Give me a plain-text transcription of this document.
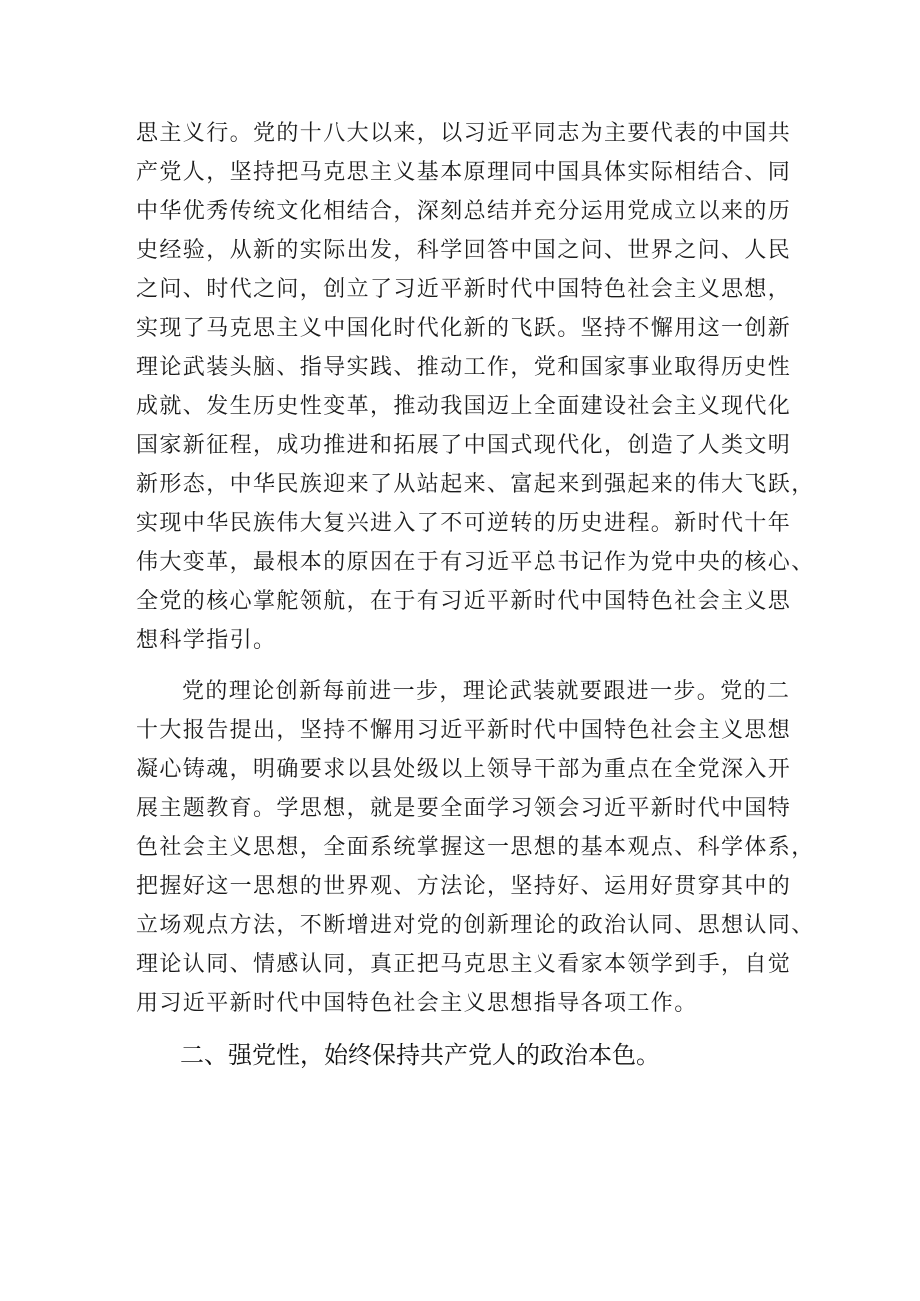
思主义行。党的十八大以来，以习近平同志为主要代表的中国共
产党人，坚持把马克思主义基本原理同中国具体实际相结合、同
中华优秀传统文化相结合，深刻总结并充分运用党成立以来的历
史经验，从新的实际出发，科学回答中国之问、世界之问、人民
之问、时代之问，创立了习近平新时代中国特色社会主义思想，
实现了马克思主义中国化时代化新的飞跃。坚持不懈用这一创新
理论武装头脑、指导实践、推动工作，党和国家事业取得历史性
成就、发生历史性变革，推动我国迈上全面建设社会主义现代化
国家新征程，成功推进和拓展了中国式现代化，创造了人类文明
新形态，中华民族迎来了从站起来、富起来到强起来的伟大飞跃，
实现中华民族伟大复兴进入了不可逆转的历史进程。新时代十年
伟大变革，最根本的原因在于有习近平总书记作为党中央的核心、
全党的核心掌舵领航，在于有习近平新时代中国特色社会主义思
想科学指引。
党的理论创新每前进一步，理论武装就要跟进一步。党的二
十大报告提出，坚持不懈用习近平新时代中国特色社会主义思想
凝心铸魂，明确要求以县处级以上领导干部为重点在全党深入开
展主题教育。学思想，就是要全面学习领会习近平新时代中国特
色社会主义思想，全面系统掌握这一思想的基本观点、科学体系，
把握好这一思想的世界观、方法论，坚持好、运用好贯穿其中的
立场观点方法，不断增进对党的创新理论的政治认同、思想认同、
理论认同、情感认同，真正把马克思主义看家本领学到手，自觉
用习近平新时代中国特色社会主义思想指导各项工作。
二、强党性，始终保持共产党人的政治本色。
